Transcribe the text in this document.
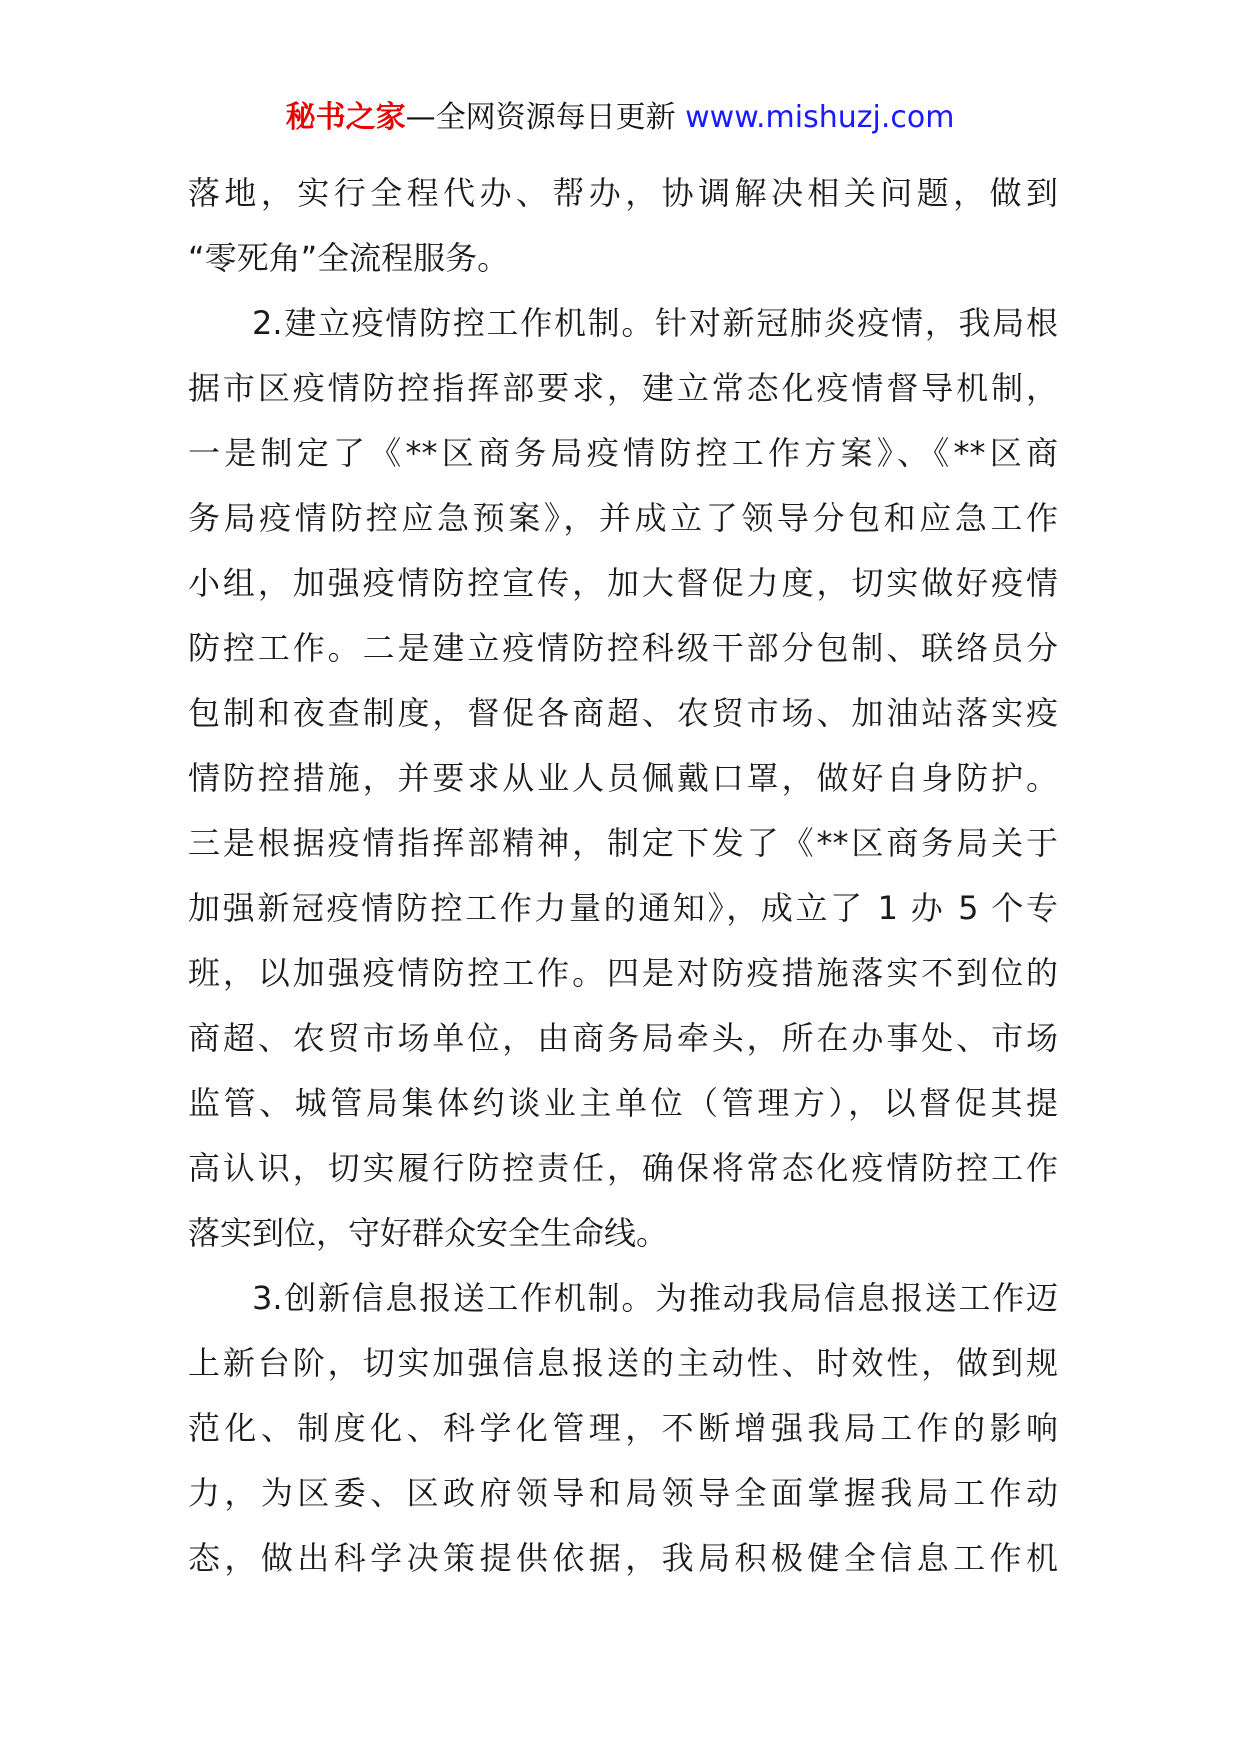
秘书之家—全网资源每日更新 www.mishuzj.com
落地，实行全程代办、帮办，协调解决相关问题，做到
“零死角”全流程服务。
2.建立疫情防控工作机制。针对新冠肺炎疫情，我局根
据市区疫情防控指挥部要求，建立常态化疫情督导机制，
一是制定了《**区商务局疫情防控工作方案》、《**区商
务局疫情防控应急预案》，并成立了领导分包和应急工作
小组，加强疫情防控宣传，加大督促力度，切实做好疫情
防控工作。二是建立疫情防控科级干部分包制、联络员分
包制和夜查制度，督促各商超、农贸市场、加油站落实疫
情防控措施，并要求从业人员佩戴口罩，做好自身防护。
三是根据疫情指挥部精神，制定下发了《**区商务局关于
加强新冠疫情防控工作力量的通知》，成立了 1 办 5 个专
班，以加强疫情防控工作。四是对防疫措施落实不到位的
商超、农贸市场单位，由商务局牵头，所在办事处、市场
监管、城管局集体约谈业主单位（管理方），以督促其提
高认识，切实履行防控责任，确保将常态化疫情防控工作
落实到位，守好群众安全生命线。
3.创新信息报送工作机制。为推动我局信息报送工作迈
上新台阶，切实加强信息报送的主动性、时效性，做到规
范化、制度化、科学化管理，不断增强我局工作的影响
力，为区委、区政府领导和局领导全面掌握我局工作动
态，做出科学决策提供依据，我局积极健全信息工作机
